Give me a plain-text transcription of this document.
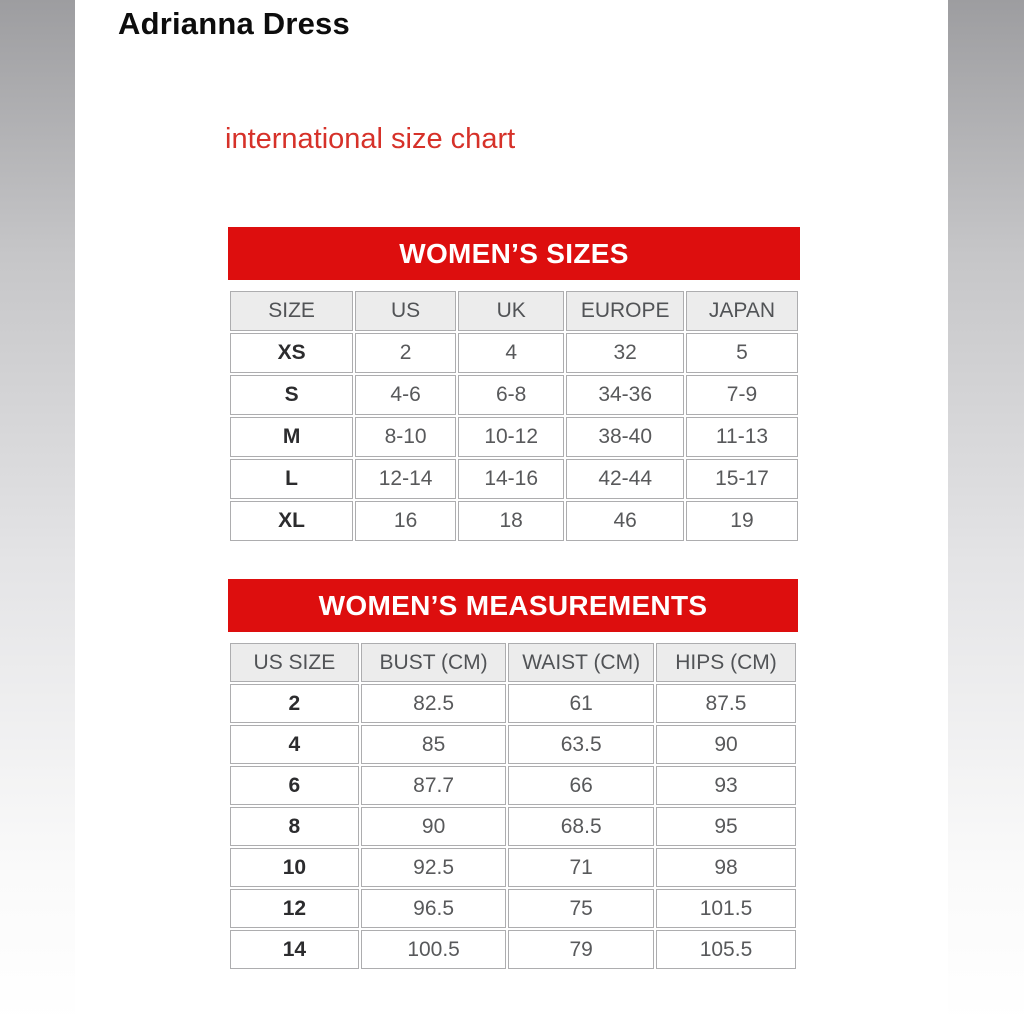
Adrianna Dress
international size chart
WOMEN’S SIZES
SIZE	US	UK	EUROPE	JAPAN
XS	2	4	32	5
S	4-6	6-8	34-36	7-9
M	8-10	10-12	38-40	11-13
L	12-14	14-16	42-44	15-17
XL	16	18	46	19
WOMEN’S MEASUREMENTS
US SIZE	BUST (CM)	WAIST (CM)	HIPS (CM)
2	82.5	61	87.5
4	85	63.5	90
6	87.7	66	93
8	90	68.5	95
10	92.5	71	98
12	96.5	75	101.5
14	100.5	79	105.5
